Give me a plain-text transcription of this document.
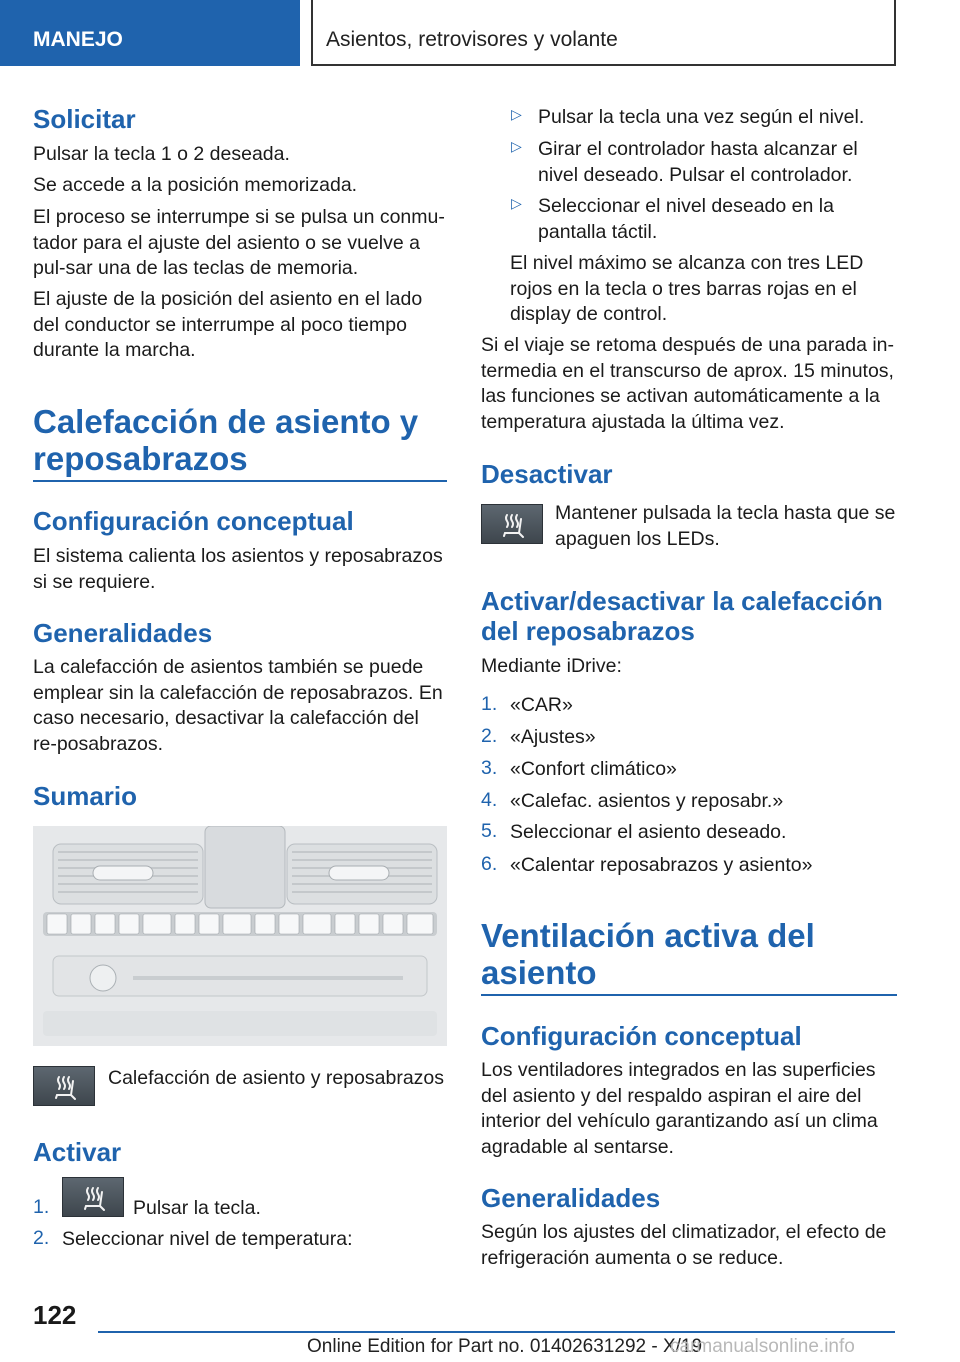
MANEJO	Asientos, retrovisores y volante
Solicitar

Pulsar la tecla 1 o 2 deseada.

Se accede a la posición memorizada.

El proceso se interrumpe si se pulsa un conmu-tador para el ajuste del asiento o se vuelve a pul-sar una de las teclas de memoria.

El ajuste de la posición del asiento en el lado del conductor se interrumpe al poco tiempo durante la marcha.

Calefacción de asiento y reposabrazos
Configuración conceptual

El sistema calienta los asientos y reposabrazos si se requiere.

Generalidades

La calefacción de asientos también se puede emplear sin la calefacción de reposabrazos. En caso necesario, desactivar la calefacción del re-posabrazos.

Sumario

Calefacción de asiento y reposabrazos

Activar
1.	Pulsar la tecla.

2. Seleccionar nivel de temperatura:
▷ Pulsar la tecla una vez según el nivel.

▷ Girar el controlador hasta alcanzar el nivel deseado. Pulsar el controlador.

▷ Seleccionar el nivel deseado en la pantalla táctil.

El nivel máximo se alcanza con tres LED rojos en la tecla o tres barras rojas en el display de control.

Si el viaje se retoma después de una parada in-termedia en el transcurso de aprox. 15 minutos, las funciones se activan automáticamente a la temperatura ajustada la última vez.

Desactivar

Mantener pulsada la tecla hasta que se apaguen los LEDs.

Activar/desactivar la calefacción del reposabrazos

Mediante iDrive:

1. «CAR»
2. «Ajustes»
3. «Confort climático»
4. «Calefac. asientos y reposabr.»
5. Seleccionar el asiento deseado.
6. «Calentar reposabrazos y asiento»
Ventilación activa del asiento
Configuración conceptual

Los ventiladores integrados en las superficies del asiento y del respaldo aspiran el aire del interior del vehículo garantizando así un clima agradable al sentarse.

Generalidades

Según los ajustes del climatizador, el efecto de refrigeración aumenta o se reduce.

122
Online Edition for Part no. 01402631292 - X/19
carmanualsonline.info
